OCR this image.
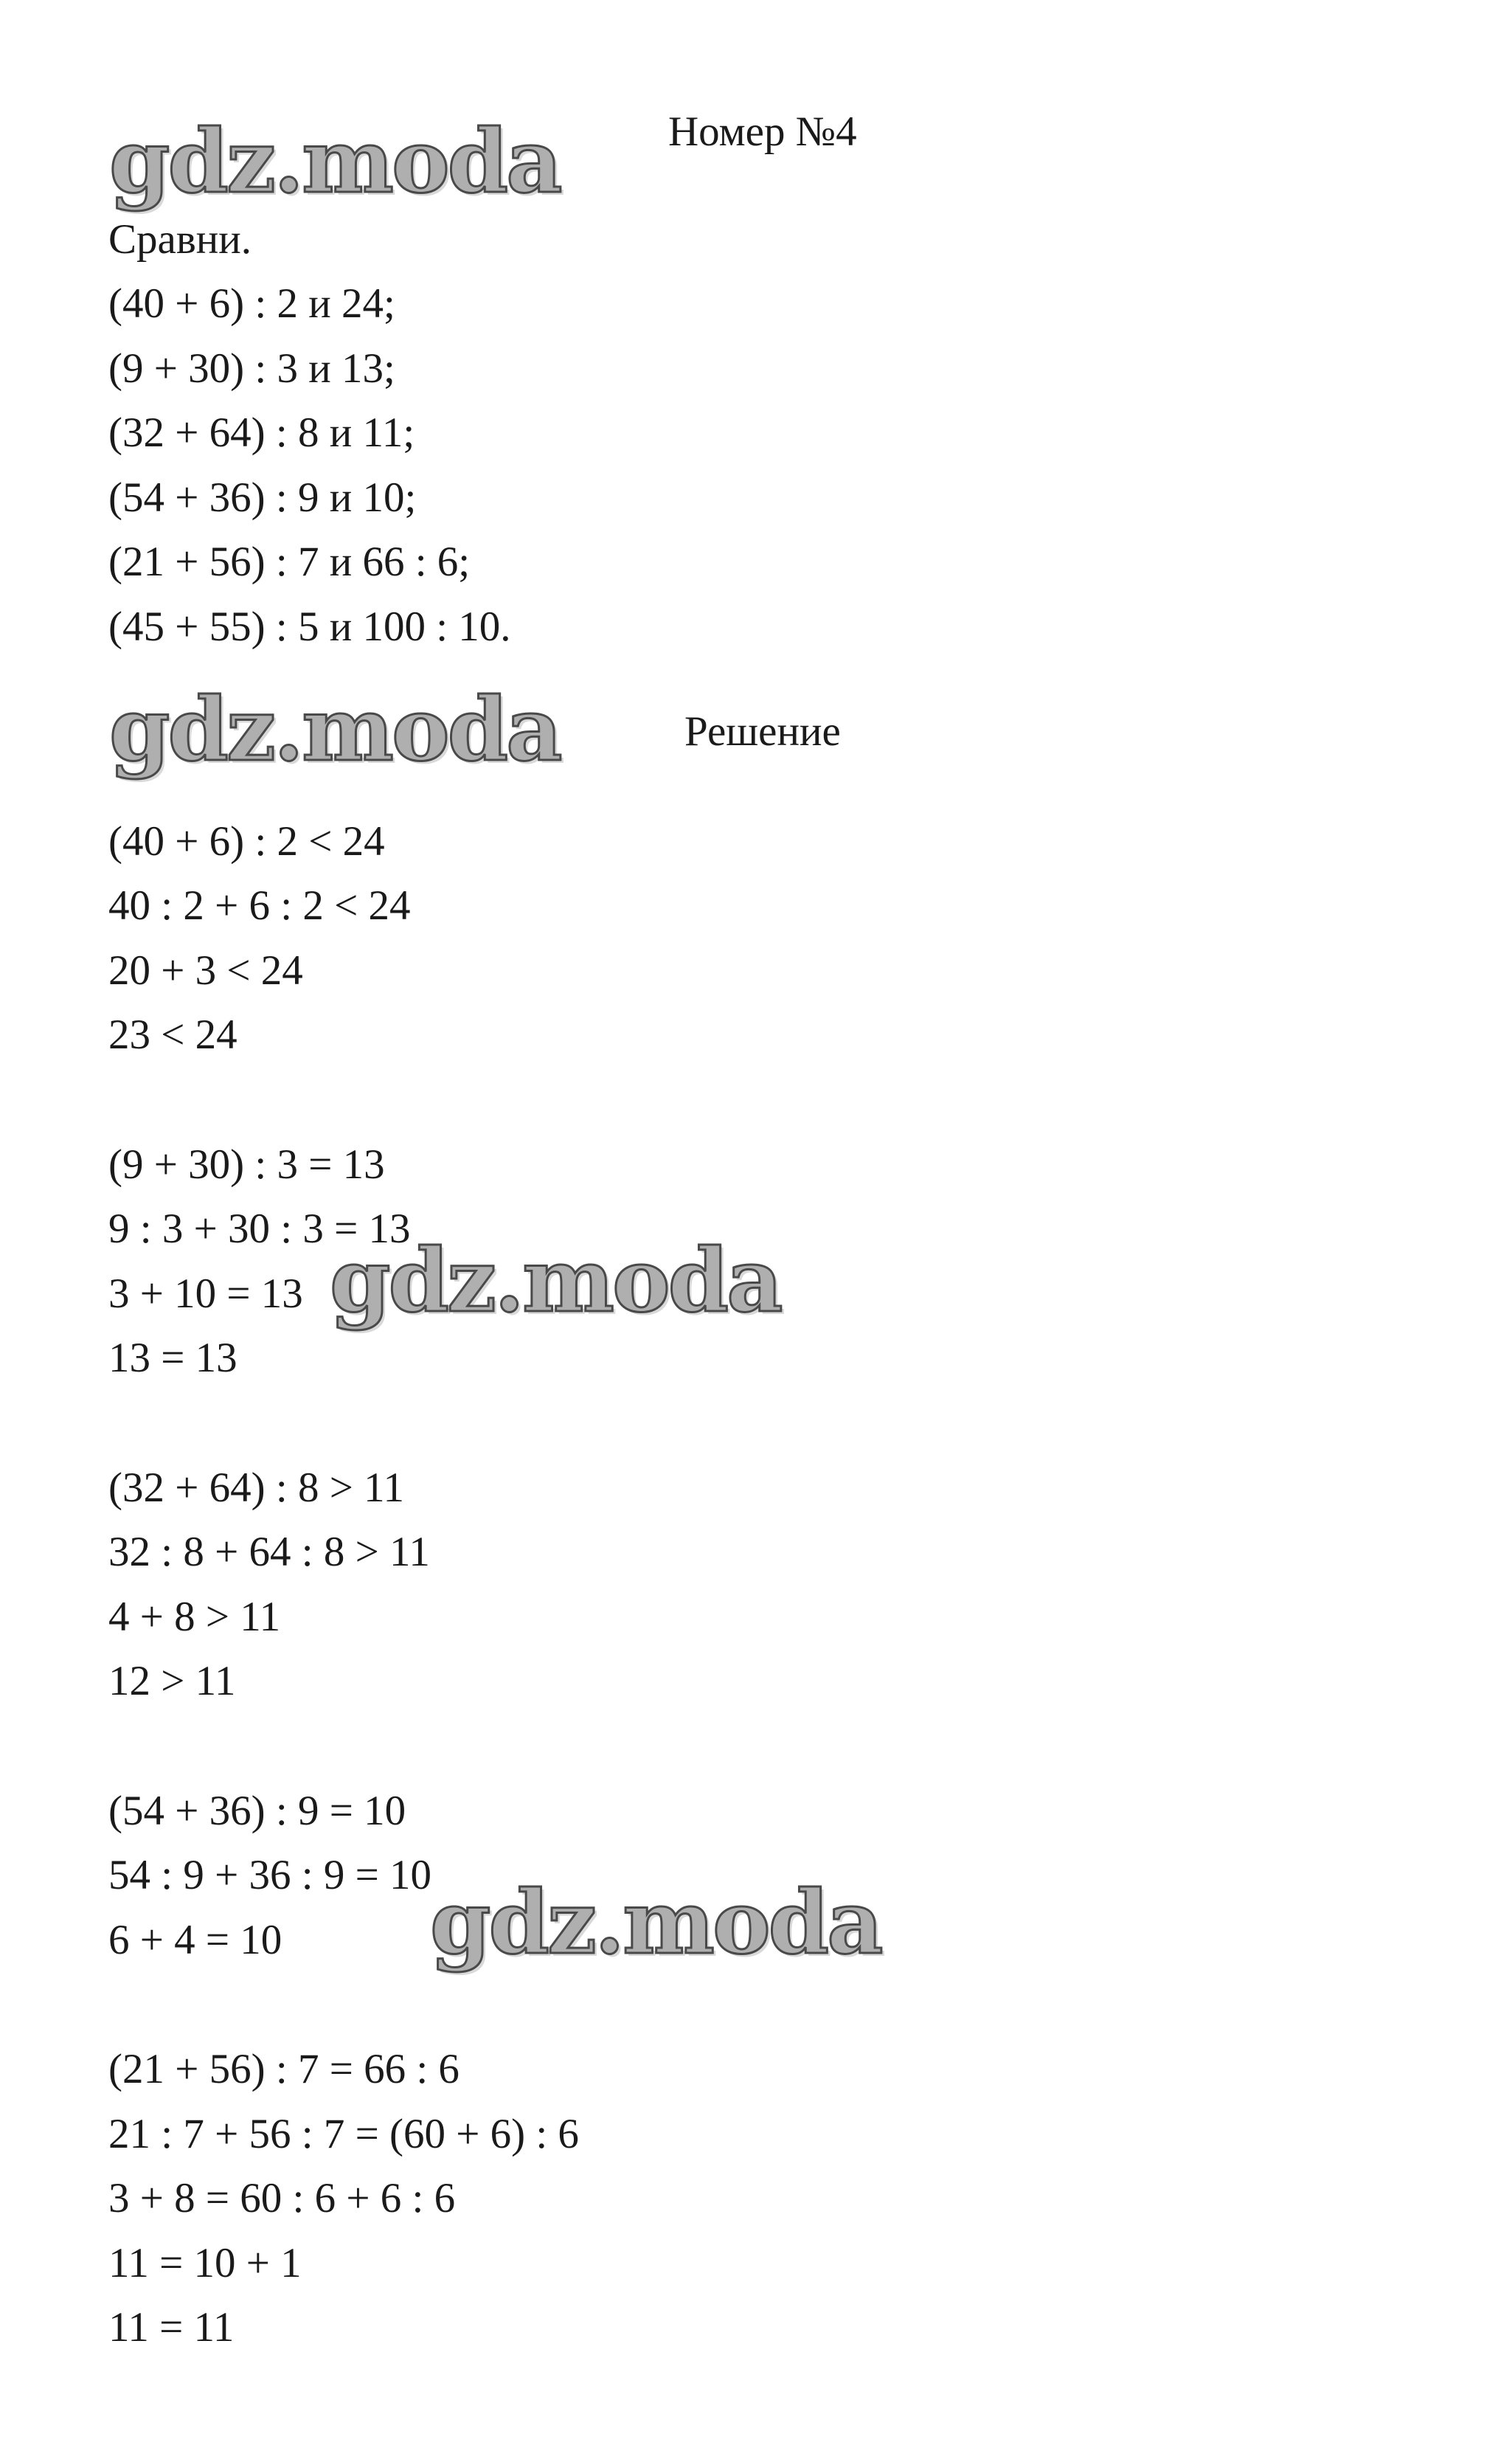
gdz.moda
gdz.moda
gdz.moda
gdz.moda
Номер №4
Решение
Сравни.
(40 + 6) : 2 и 24;
(9 + 30) : 3 и 13;
(32 + 64) : 8 и 11;
(54 + 36) : 9 и 10;
(21 + 56) : 7 и 66 : 6;
(45 + 55) : 5 и 100 : 10.
(40 + 6) : 2 < 24
40 : 2 + 6 : 2 < 24
20 + 3 < 24
23 < 24
(9 + 30) : 3 = 13
9 : 3 + 30 : 3 = 13
3 + 10 = 13
13 = 13
(32 + 64) : 8 > 11
32 : 8 + 64 : 8 > 11
4 + 8 > 11
12 > 11
(54 + 36) : 9 = 10
54 : 9 + 36 : 9 = 10
6 + 4 = 10
(21 + 56) : 7 = 66 : 6
21 : 7 + 56 : 7 = (60 + 6) : 6
3 + 8 = 60 : 6 + 6 : 6
11 = 10 + 1
11 = 11
